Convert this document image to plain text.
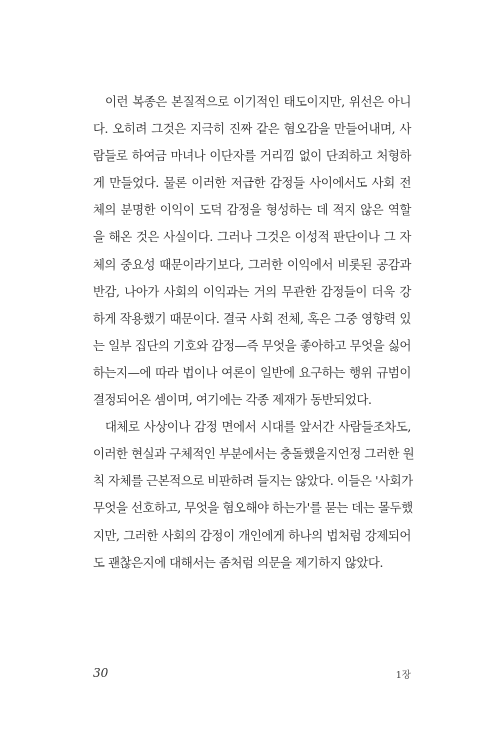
이런 복종은 본질적으로 이기적인 태도이지만, 위선은 아니
다. 오히려 그것은 지극히 진짜 같은 혐오감을 만들어내며, 사
람들로 하여금 마녀나 이단자를 거리낌 없이 단죄하고 처형하
게 만들었다. 물론 이러한 저급한 감정들 사이에서도 사회 전
체의 분명한 이익이 도덕 감정을 형성하는 데 적지 않은 역할
을 해온 것은 사실이다. 그러나 그것은 이성적 판단이나 그 자
체의 중요성 때문이라기보다, 그러한 이익에서 비롯된 공감과
반감, 나아가 사회의 이익과는 거의 무관한 감정들이 더욱 강
하게 작용했기 때문이다. 결국 사회 전체, 혹은 그중 영향력 있
는 일부 집단의 기호와 감정—즉 무엇을 좋아하고 무엇을 싫어
하는지—에 따라 법이나 여론이 일반에 요구하는 행위 규범이
결정되어온 셈이며, 여기에는 각종 제재가 동반되었다.
대체로 사상이나 감정 면에서 시대를 앞서간 사람들조차도,
이러한 현실과 구체적인 부분에서는 충돌했을지언정 그러한 원
칙 자체를 근본적으로 비판하려 들지는 않았다. 이들은 '사회가
무엇을 선호하고, 무엇을 혐오해야 하는가'를 묻는 데는 몰두했
지만, 그러한 사회의 감정이 개인에게 하나의 법처럼 강제되어
도 괜찮은지에 대해서는 좀처럼 의문을 제기하지 않았다.
30	1장
